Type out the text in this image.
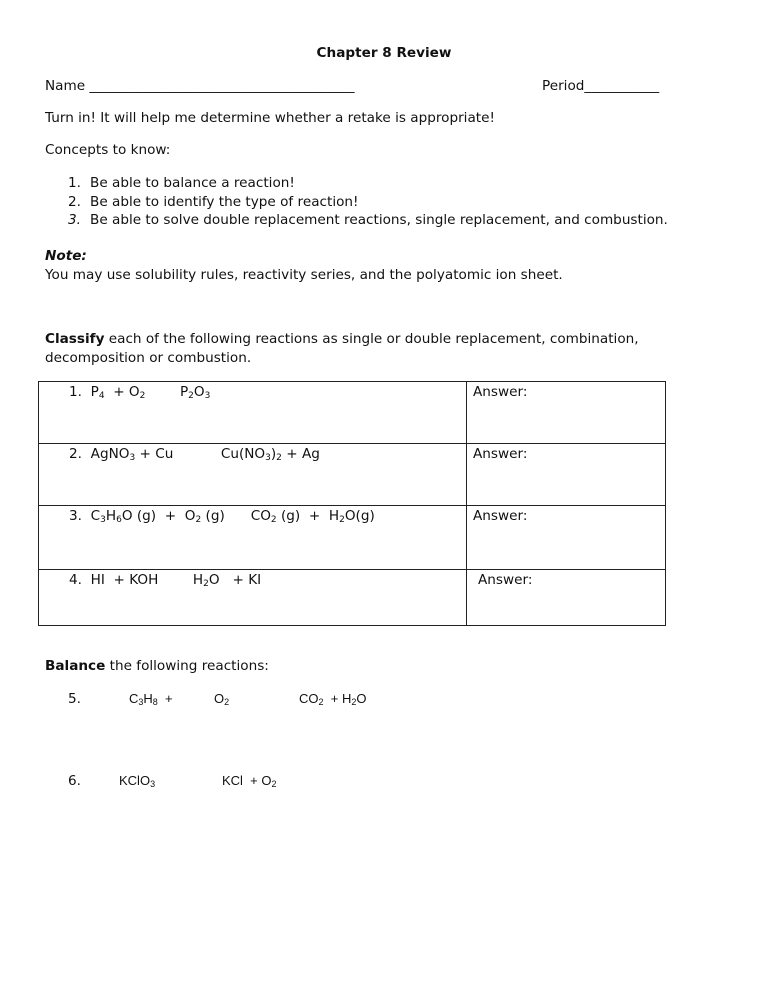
Chapter 8 Review
Name _______________________________________	Period___________
Turn in! It will help me determine whether a retake is appropriate!
Concepts to know:
1. Be able to balance a reaction!
2. Be able to identify the type of reaction!
3. Be able to solve double replacement reactions, single replacement, and combustion.
Note:
You may use solubility rules, reactivity series, and the polyatomic ion sheet.
Classify each of the following reactions as single or double replacement, combination,
decomposition or combustion.
1. $P_4 + O_2$        $P_2O_3$	Answer:
2. AgNO$_3$ + Cu           $Cu(NO_3)_2 + Ag$	Answer:
3. $C_3H_6O$ $(g) + O_2$ (g)      $CO_2$ $(g) + H_2O(g)$	Answer:
4. HI  + KOH        $H_2O$   + KI	Answer:
Balance the following reactions:
5.	$C_3H_8$  +	$O_2$	$CO_2 + H_2O$
6.	KClO$_3$	KCl  + $O_2$
